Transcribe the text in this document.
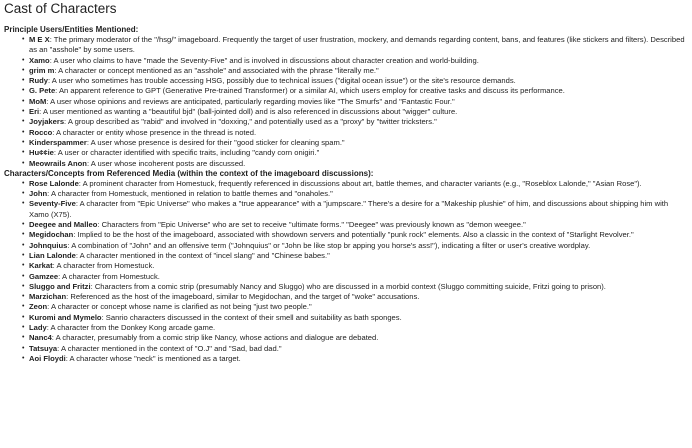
Cast of Characters
Principle Users/Entities Mentioned:
• M E X: The primary moderator of the "/hsg/" imageboard. Frequently the target of user frustration, mockery, and demands regarding content, bans, and features (like stickers and filters). Described as an "asshole" by some users.
• Xamo: A user who claims to have "made the Seventy-Five" and is involved in discussions about character creation and world-building.
• grim m: A character or concept mentioned as an "asshole" and associated with the phrase "literally me."
• Rudy: A user who sometimes has trouble accessing HSG, possibly due to technical issues ("digital ocean issue") or the site's resource demands.
• G. Pete: An apparent reference to GPT (Generative Pre-trained Transformer) or a similar AI, which users employ for creative tasks and discuss its performance.
• MoM: A user whose opinions and reviews are anticipated, particularly regarding movies like "The Smurfs" and "Fantastic Four."
• Eri: A user mentioned as wanting a "beautiful bjd" (ball-jointed doll) and is also referenced in discussions about "wigger" culture.
• Joyjakers: A group described as "rabid" and involved in "doxxing," and potentially used as a "proxy" by "twitter tricksters."
• Rocco: A character or entity whose presence in the thread is noted.
• Kinderspammer: A user whose presence is desired for their "good sticker for cleaning spam."
• Hu¢¢ie: A user or character identified with specific traits, including "candy corn onigiri."
• Meowrails Anon: A user whose incoherent posts are discussed.
Characters/Concepts from Referenced Media (within the context of the imageboard discussions):
• Rose Lalonde: A prominent character from Homestuck, frequently referenced in discussions about art, battle themes, and character variants (e.g., "Roseblox Lalonde," "Asian Rose").
• John: A character from Homestuck, mentioned in relation to battle themes and "onaholes."
• Seventy-Five: A character from "Epic Universe" who makes a "true appearance" with a "jumpscare." There's a desire for a "Makeship plushie" of him, and discussions about shipping him with Xamo (X75).
• Deegee and Malleo: Characters from "Epic Universe" who are set to receive "ultimate forms." "Deegee" was previously known as "demon weegee."
• Megidochan: Implied to be the host of the imageboard, associated with showdown servers and potentially "punk rock" elements. Also a classic in the context of "Starlight Revolver."
• Johnquius: A combination of "John" and an offensive term ("Johnquius" or "John be like stop br apping you horse's ass!"), indicating a filter or user's creative wordplay.
• Lian Lalonde: A character mentioned in the context of "incel slang" and "Chinese babes."
• Karkat: A character from Homestuck.
• Gamzee: A character from Homestuck.
• Sluggo and Fritzi: Characters from a comic strip (presumably Nancy and Sluggo) who are discussed in a morbid context (Sluggo committing suicide, Fritzi going to prison).
• Marzichan: Referenced as the host of the imageboard, similar to Megidochan, and the target of "woke" accusations.
• Zeon: A character or concept whose name is clarified as not being "just two people."
• Kuromi and Mymelo: Sanrio characters discussed in the context of their smell and suitability as bath sponges.
• Lady: A character from the Donkey Kong arcade game.
• Nanc4: A character, presumably from a comic strip like Nancy, whose actions and dialogue are debated.
• Tatsuya: A character mentioned in the context of "O.J" and "Sad, bad dad."
• Aoi Floydi: A character whose "neck" is mentioned as a target.
